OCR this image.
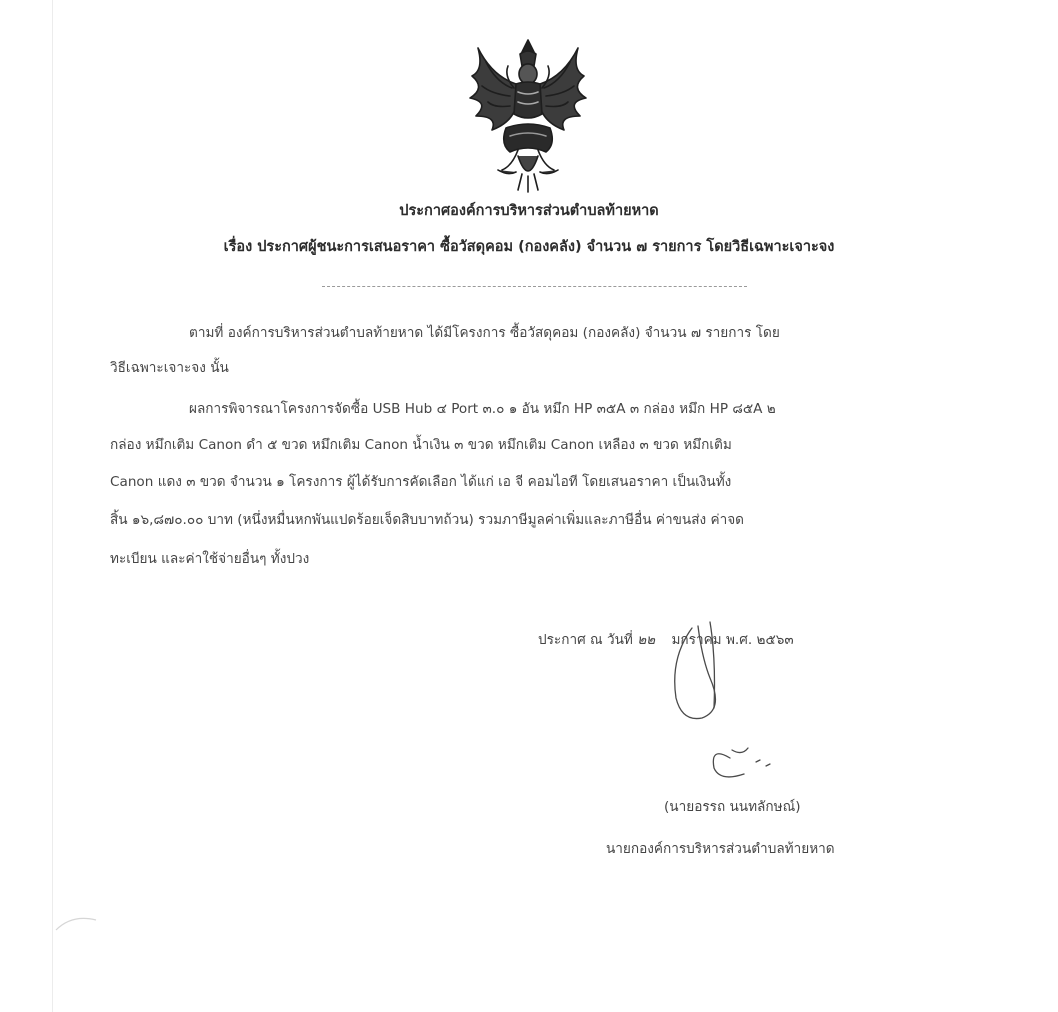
ประกาศองค์การบริหารส่วนตำบลท้ายหาด
เรื่อง ประกาศผู้ชนะการเสนอราคา ซื้อวัสดุคอม (กองคลัง) จำนวน ๗ รายการ โดยวิธีเฉพาะเจาะจง
ตามที่ องค์การบริหารส่วนตำบลท้ายหาด ได้มีโครงการ ซื้อวัสดุคอม (กองคลัง) จำนวน ๗ รายการ โดย
วิธีเฉพาะเจาะจง นั้น
ผลการพิจารณาโครงการจัดซื้อ USB Hub ๔ Port ๓.๐ ๑ อัน หมึก HP ๓๕A ๓ กล่อง หมึก HP ๘๕A ๒
กล่อง หมึกเติม Canon ดำ ๕ ขวด หมึกเติม Canon น้ำเงิน ๓ ขวด หมึกเติม Canon เหลือง ๓ ขวด หมึกเติม
Canon แดง ๓ ขวด จำนวน ๑ โครงการ ผู้ได้รับการคัดเลือก ได้แก่ เอ จี คอมไอที โดยเสนอราคา เป็นเงินทั้ง
สิ้น ๑๖,๘๗๐.๐๐ บาท (หนึ่งหมื่นหกพันแปดร้อยเจ็ดสิบบาทถ้วน) รวมภาษีมูลค่าเพิ่มและภาษีอื่น ค่าขนส่ง ค่าจด
ทะเบียน และค่าใช้จ่ายอื่นๆ ทั้งปวง
ประกาศ ณ วันที่ ๒๒ มกราคม พ.ศ. ๒๕๖๓
(นายอรรถ นนทลักษณ์)
นายกองค์การบริหารส่วนตำบลท้ายหาด
